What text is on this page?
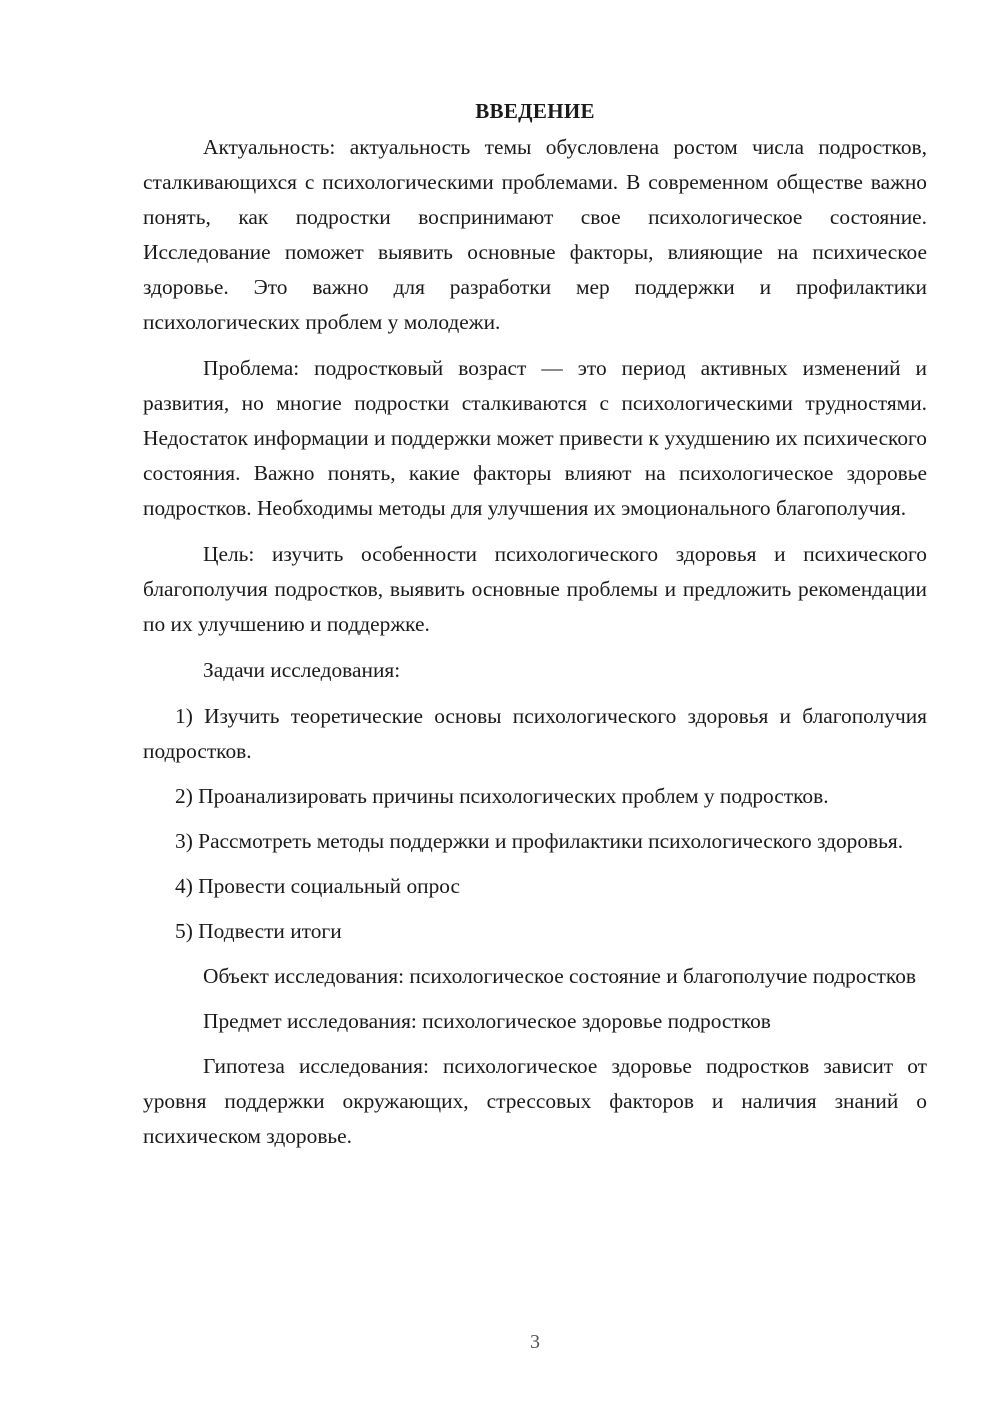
ВВЕДЕНИЕ

Актуальность: актуальность темы обусловлена ростом числа подростков, сталкивающихся с психологическими проблемами. В современном обществе важно понять, как подростки воспринимают свое психологическое состояние. Исследование поможет выявить основные факторы, влияющие на психическое здоровье. Это важно для разработки мер поддержки и профилактики психологических проблем у молодежи.

Проблема: подростковый возраст — это период активных изменений и развития, но многие подростки сталкиваются с психологическими трудностями. Недостаток информации и поддержки может привести к ухудшению их психического состояния. Важно понять, какие факторы влияют на психологическое здоровье подростков. Необходимы методы для улучшения их эмоционального благополучия.

Цель: изучить особенности психологического здоровья и психического благополучия подростков, выявить основные проблемы и предложить рекомендации по их улучшению и поддержке.

Задачи исследования:

1) Изучить теоретические основы психологического здоровья и благополучия подростков.

2) Проанализировать причины психологических проблем у подростков.

3) Рассмотреть методы поддержки и профилактики психологического здоровья.

4) Провести социальный опрос

5) Подвести итоги

Объект исследования: психологическое состояние и благополучие подростков

Предмет исследования: психологическое здоровье подростков

Гипотеза исследования: психологическое здоровье подростков зависит от уровня поддержки окружающих, стрессовых факторов и наличия знаний о психическом здоровье.

3
